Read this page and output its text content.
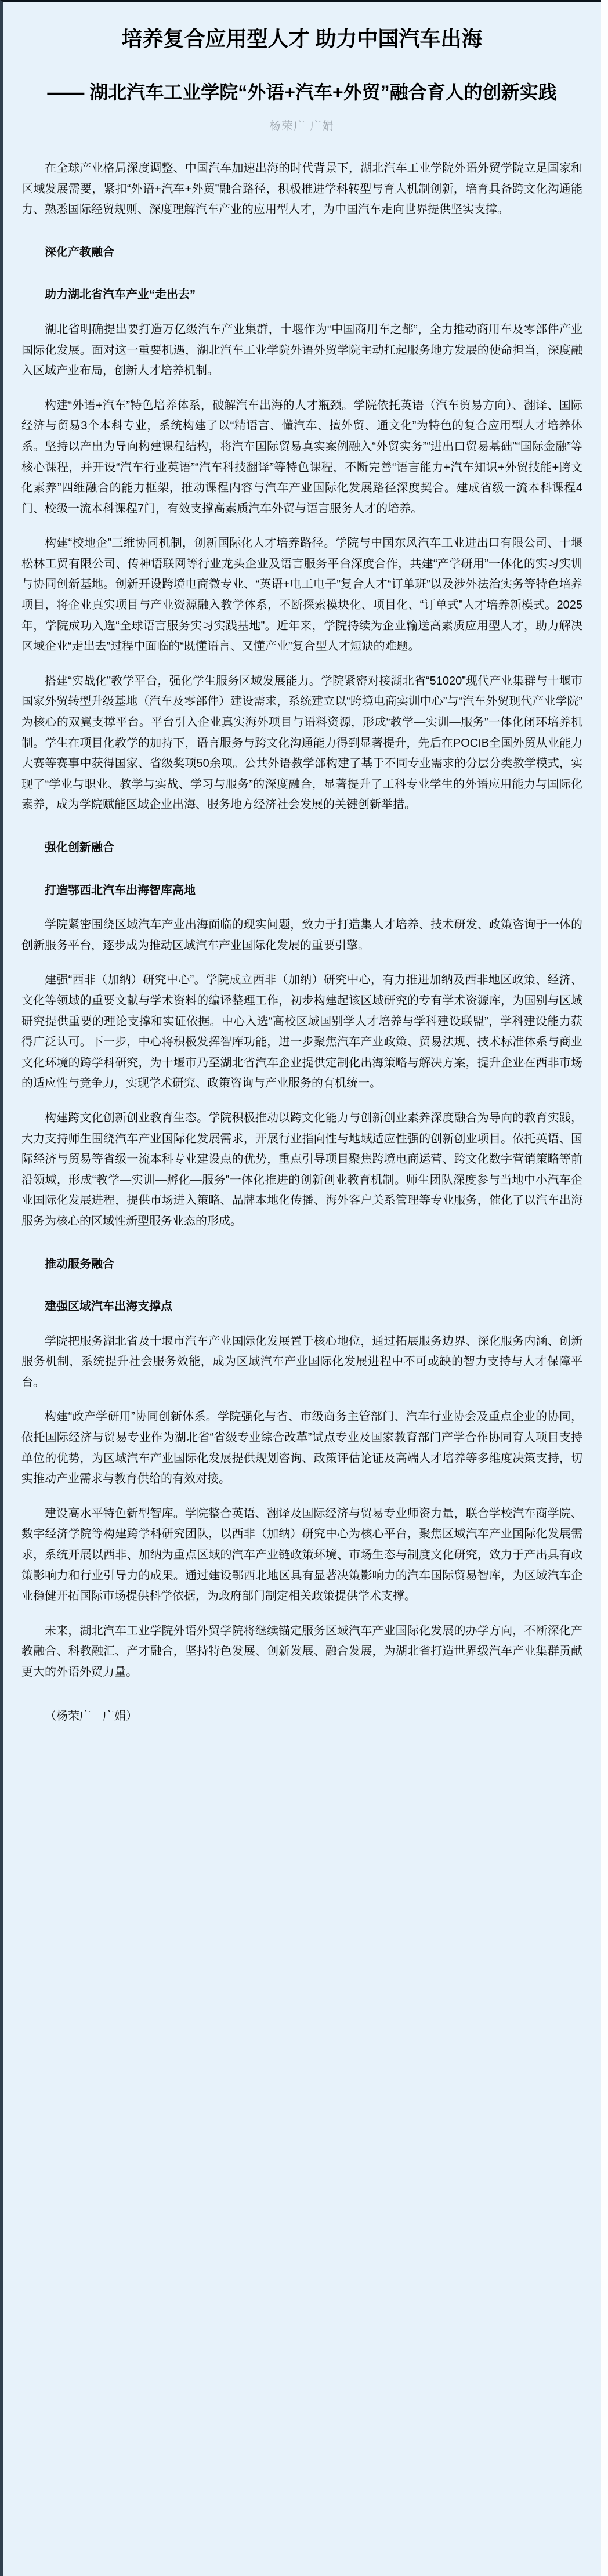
培养复合应用型人才 助力中国汽车出海
—— 湖北汽车工业学院“外语+汽车+外贸”融合育人的创新实践
杨荣广 广娟

在全球产业格局深度调整、中国汽车加速出海的时代背景下，湖北汽车工业学院外语外贸学院立足国家和区域发展需要，紧扣“外语+汽车+外贸”融合路径，积极推进学科转型与育人机制创新，培育具备跨文化沟通能力、熟悉国际经贸规则、深度理解汽车产业的应用型人才，为中国汽车走向世界提供坚实支撑。

深化产教融合
助力湖北省汽车产业“走出去”

湖北省明确提出要打造万亿级汽车产业集群，十堰作为“中国商用车之都”，全力推动商用车及零部件产业国际化发展。面对这一重要机遇，湖北汽车工业学院外语外贸学院主动扛起服务地方发展的使命担当，深度融入区域产业布局，创新人才培养机制。

构建“外语+汽车”特色培养体系，破解汽车出海的人才瓶颈。学院依托英语（汽车贸易方向）、翻译、国际经济与贸易3个本科专业，系统构建了以“精语言、懂汽车、擅外贸、通文化”为特色的复合应用型人才培养体系。坚持以产出为导向构建课程结构，将汽车国际贸易真实案例融入“外贸实务”“进出口贸易基础”“国际金融”等核心课程，并开设“汽车行业英语”“汽车科技翻译”等特色课程，不断完善“语言能力+汽车知识+外贸技能+跨文化素养”四维融合的能力框架，推动课程内容与汽车产业国际化发展路径深度契合。建成省级一流本科课程4门、校级一流本科课程7门，有效支撑高素质汽车外贸与语言服务人才的培养。

构建“校地企”三维协同机制，创新国际化人才培养路径。学院与中国东风汽车工业进出口有限公司、十堰松林工贸有限公司、传神语联网等行业龙头企业及语言服务平台深度合作，共建“产学研用”一体化的实习实训与协同创新基地。创新开设跨境电商微专业、“英语+电工电子”复合人才“订单班”以及涉外法治实务等特色培养项目，将企业真实项目与产业资源融入教学体系，不断探索模块化、项目化、“订单式”人才培养新模式。2025年，学院成功入选“全球语言服务实习实践基地”。近年来，学院持续为企业输送高素质应用型人才，助力解决区域企业“走出去”过程中面临的“既懂语言、又懂产业”复合型人才短缺的难题。

搭建“实战化”教学平台，强化学生服务区域发展能力。学院紧密对接湖北省“51020”现代产业集群与十堰市国家外贸转型升级基地（汽车及零部件）建设需求，系统建立以“跨境电商实训中心”与“汽车外贸现代产业学院”为核心的双翼支撑平台。平台引入企业真实海外项目与语料资源，形成“教学—实训—服务”一体化闭环培养机制。学生在项目化教学的加持下，语言服务与跨文化沟通能力得到显著提升，先后在POCIB全国外贸从业能力大赛等赛事中获得国家、省级奖项50余项。公共外语教学部构建了基于不同专业需求的分层分类教学模式，实现了“学业与职业、教学与实战、学习与服务”的深度融合，显著提升了工科专业学生的外语应用能力与国际化素养，成为学院赋能区域企业出海、服务地方经济社会发展的关键创新举措。

强化创新融合
打造鄂西北汽车出海智库高地

学院紧密围绕区域汽车产业出海面临的现实问题，致力于打造集人才培养、技术研发、政策咨询于一体的创新服务平台，逐步成为推动区域汽车产业国际化发展的重要引擎。

建强“西非（加纳）研究中心”。学院成立西非（加纳）研究中心，有力推进加纳及西非地区政策、经济、文化等领域的重要文献与学术资料的编译整理工作，初步构建起该区域研究的专有学术资源库，为国别与区域研究提供重要的理论支撑和实证依据。中心入选“高校区域国别学人才培养与学科建设联盟”，学科建设能力获得广泛认可。下一步，中心将积极发挥智库功能，进一步聚焦汽车产业政策、贸易法规、技术标准体系与商业文化环境的跨学科研究，为十堰市乃至湖北省汽车企业提供定制化出海策略与解决方案，提升企业在西非市场的适应性与竞争力，实现学术研究、政策咨询与产业服务的有机统一。

构建跨文化创新创业教育生态。学院积极推动以跨文化能力与创新创业素养深度融合为导向的教育实践，大力支持师生围绕汽车产业国际化发展需求，开展行业指向性与地域适应性强的创新创业项目。依托英语、国际经济与贸易等省级一流本科专业建设点的优势，重点引导项目聚焦跨境电商运营、跨文化数字营销策略等前沿领域，形成“教学—实训—孵化—服务”一体化推进的创新创业教育机制。师生团队深度参与当地中小汽车企业国际化发展进程，提供市场进入策略、品牌本地化传播、海外客户关系管理等专业服务，催化了以汽车出海服务为核心的区域性新型服务业态的形成。

推动服务融合
建强区域汽车出海支撑点

学院把服务湖北省及十堰市汽车产业国际化发展置于核心地位，通过拓展服务边界、深化服务内涵、创新服务机制，系统提升社会服务效能，成为区域汽车产业国际化发展进程中不可或缺的智力支持与人才保障平台。

构建“政产学研用”协同创新体系。学院强化与省、市级商务主管部门、汽车行业协会及重点企业的协同，依托国际经济与贸易专业作为湖北省“省级专业综合改革”试点专业及国家教育部门产学合作协同育人项目支持单位的优势，为区域汽车产业国际化发展提供规划咨询、政策评估论证及高端人才培养等多维度决策支持，切实推动产业需求与教育供给的有效对接。

建设高水平特色新型智库。学院整合英语、翻译及国际经济与贸易专业师资力量，联合学校汽车商学院、数字经济学院等构建跨学科研究团队，以西非（加纳）研究中心为核心平台，聚焦区域汽车产业国际化发展需求，系统开展以西非、加纳为重点区域的汽车产业链政策环境、市场生态与制度文化研究，致力于产出具有政策影响力和行业引导力的成果。通过建设鄂西北地区具有显著决策影响力的汽车国际贸易智库，为区域汽车企业稳健开拓国际市场提供科学依据，为政府部门制定相关政策提供学术支撑。

未来，湖北汽车工业学院外语外贸学院将继续锚定服务区域汽车产业国际化发展的办学方向，不断深化产教融合、科教融汇、产才融合，坚持特色发展、创新发展、融合发展，为湖北省打造世界级汽车产业集群贡献更大的外语外贸力量。

（杨荣广　广娟）
